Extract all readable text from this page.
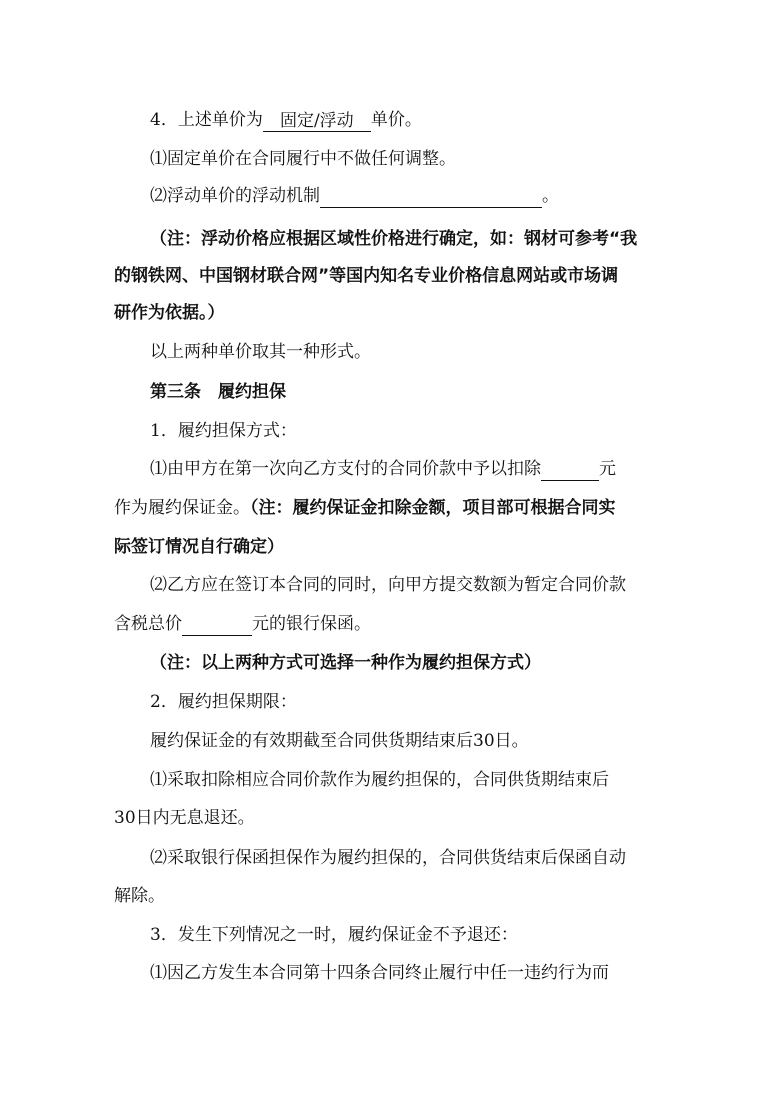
4．上述单价为 固定/浮动 单价。
⑴固定单价在合同履行中不做任何调整。
⑵浮动单价的浮动机制	。
（注：浮动价格应根据区域性价格进行确定，如：钢材可参考“我
的钢铁网、中国钢材联合网”等国内知名专业价格信息网站或市场调
研作为依据。）
以上两种单价取其一种形式。
第三条　履约担保
1．履约担保方式：
⑴由甲方在第一次向乙方支付的合同价款中予以扣除	元
作为履约保证金。（注：履约保证金扣除金额，项目部可根据合同实
际签订情况自行确定）
⑵乙方应在签订本合同的同时，向甲方提交数额为暂定合同价款
含税总价	元的银行保函。
（注：以上两种方式可选择一种作为履约担保方式）
2．履约担保期限：
履约保证金的有效期截至合同供货期结束后30日。
⑴采取扣除相应合同价款作为履约担保的，合同供货期结束后
30日内无息退还。
⑵采取银行保函担保作为履约担保的，合同供货结束后保函自动
解除。
3．发生下列情况之一时，履约保证金不予退还：
⑴因乙方发生本合同第十四条合同终止履行中任一违约行为而
